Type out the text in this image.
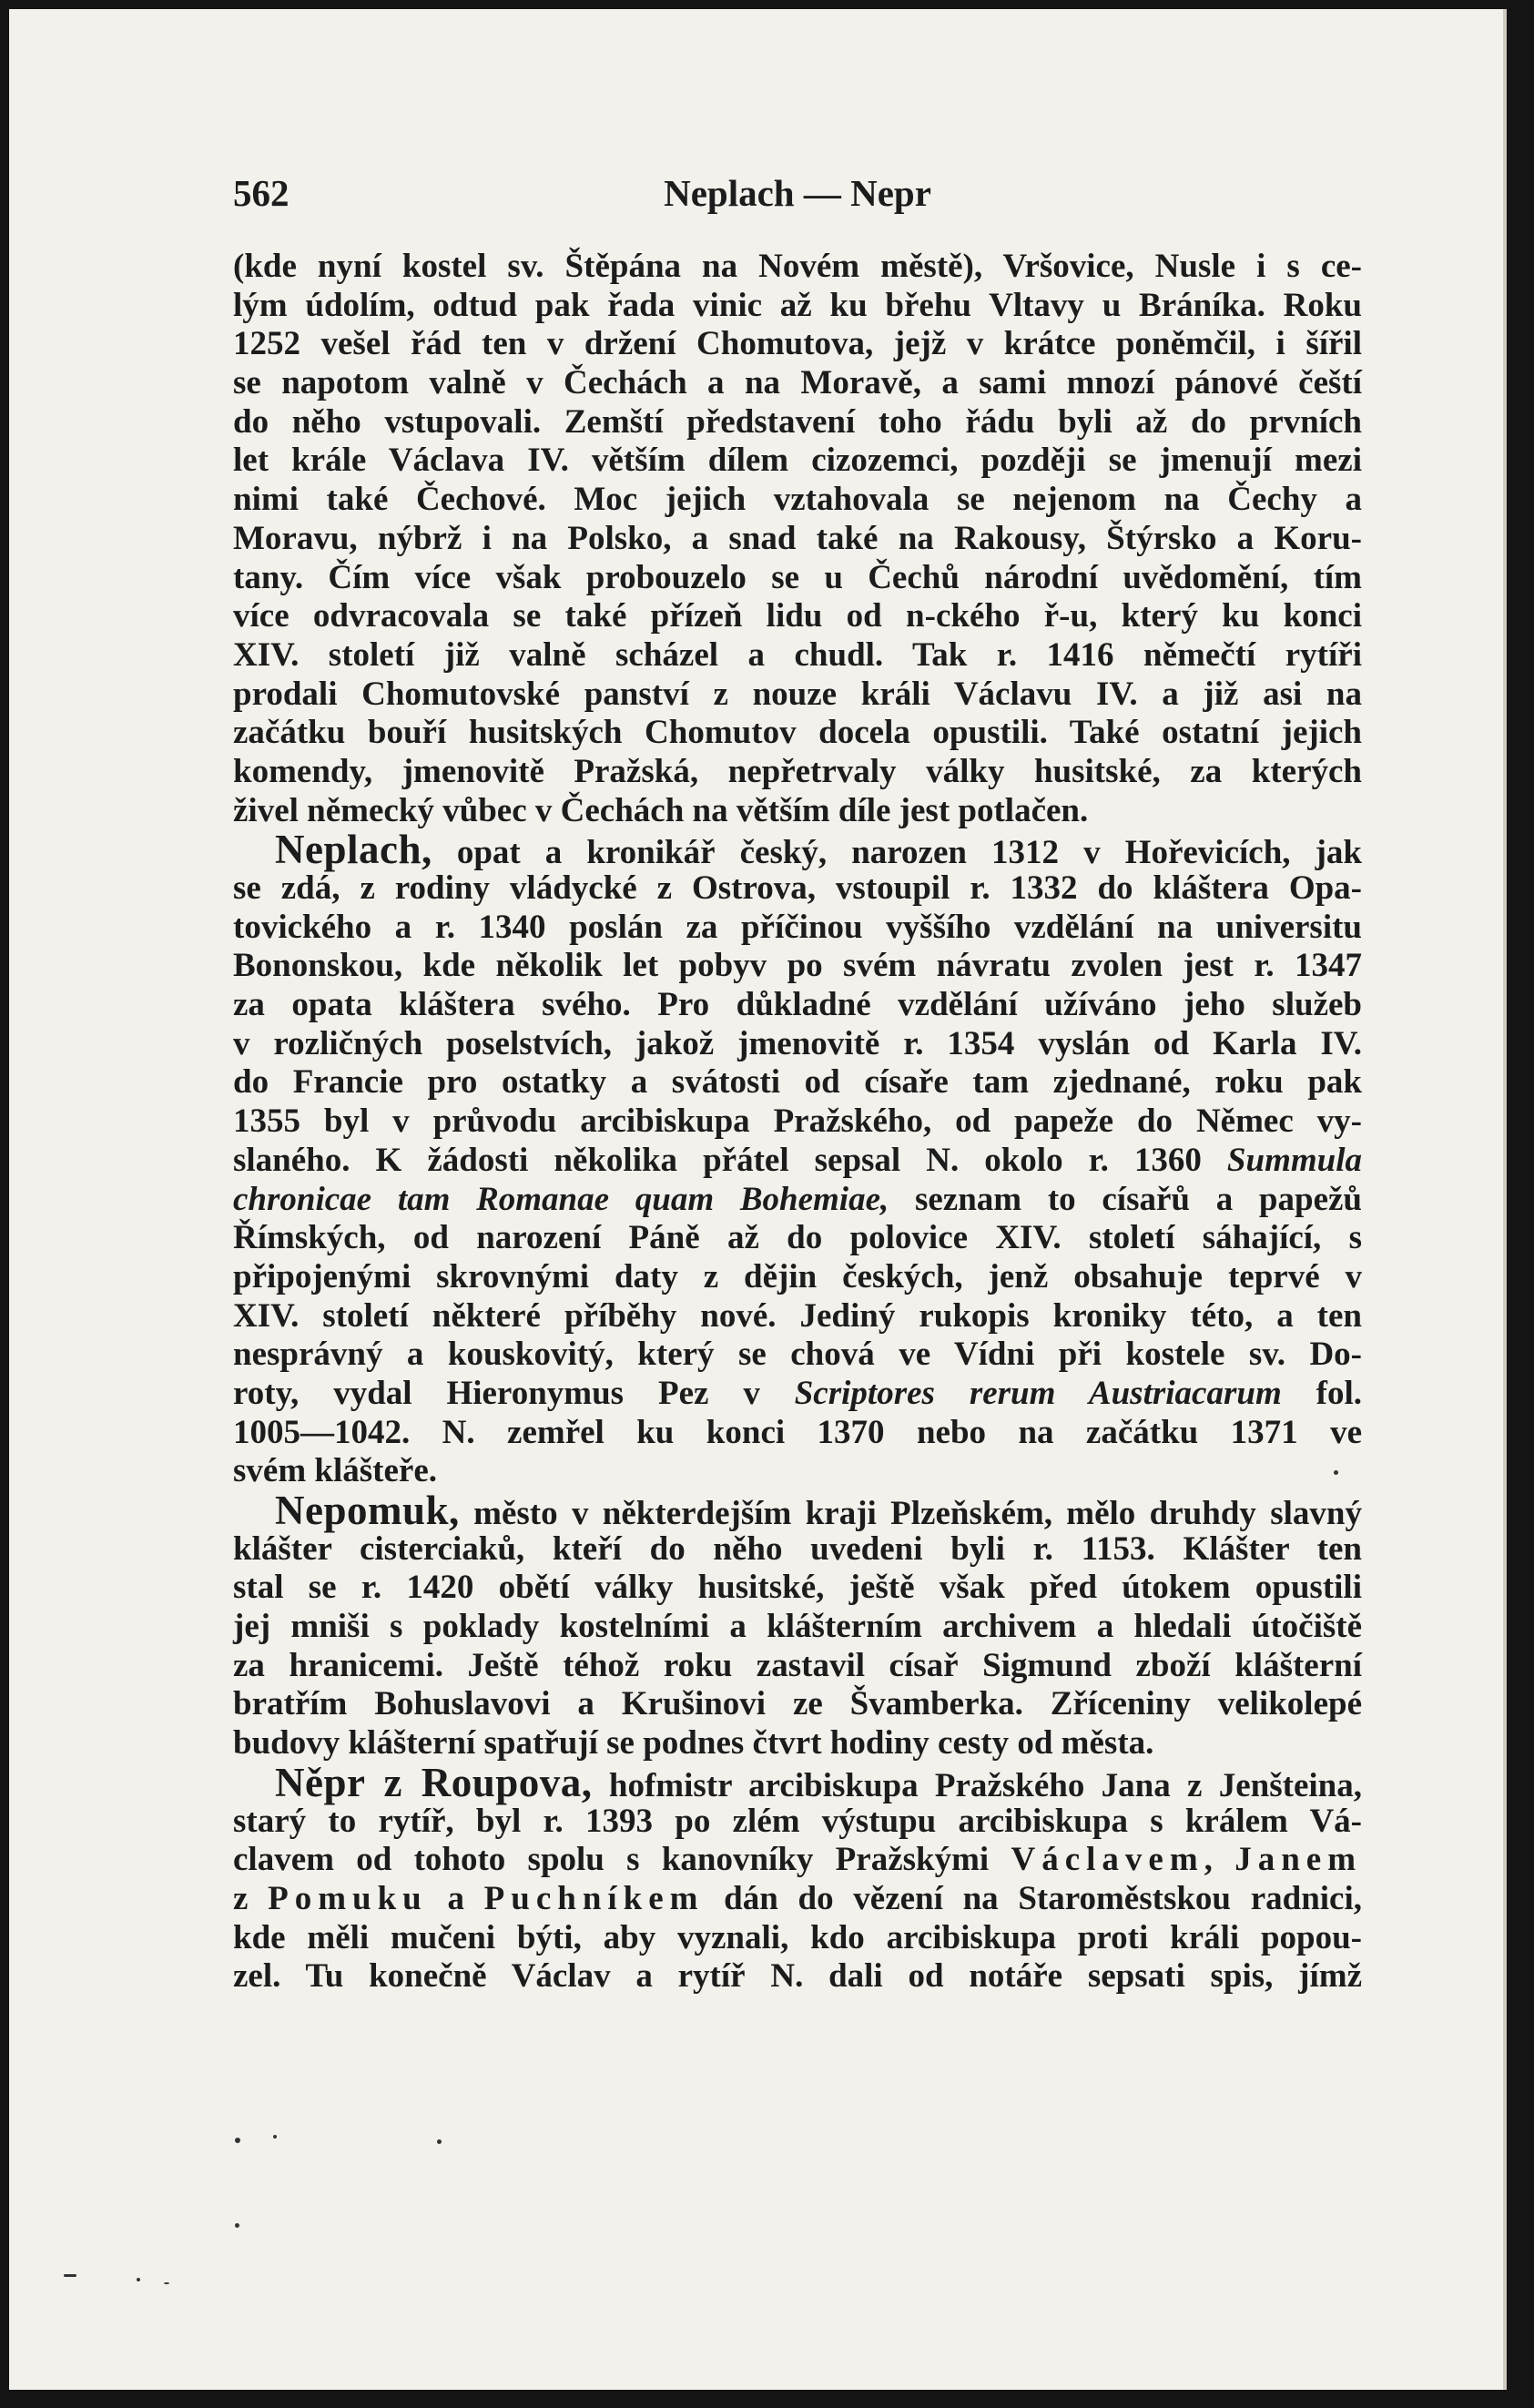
562	Neplach — Nepr
(kde nyní kostel sv. Štěpána na Novém městě), Vršovice, Nusle i s ce-
lým údolím, odtud pak řada vinic až ku břehu Vltavy u Bráníka. Roku
1252 vešel řád ten v držení Chomutova, jejž v krátce poněmčil, i šířil
se napotom valně v Čechách a na Moravě, a sami mnozí pánové čeští
do něho vstupovali. Zemští představení toho řádu byli až do prvních
let krále Václava IV. větším dílem cizozemci, později se jmenují mezi
nimi také Čechové. Moc jejich vztahovala se nejenom na Čechy a
Moravu, nýbrž i na Polsko, a snad také na Rakousy, Štýrsko a Koru-
tany. Čím více však probouzelo se u Čechů národní uvědomění, tím
více odvracovala se také přízeň lidu od n-ckého ř-u, který ku konci
XIV. století již valně scházel a chudl. Tak r. 1416 němečtí rytíři
prodali Chomutovské panství z nouze králi Václavu IV. a již asi na
začátku bouří husitských Chomutov docela opustili. Také ostatní jejich
komendy, jmenovitě Pražská, nepřetrvaly války husitské, za kterých
živel německý vůbec v Čechách na větším díle jest potlačen.
Neplach, opat a kronikář český, narozen 1312 v Hořevicích, jak
se zdá, z rodiny vládycké z Ostrova, vstoupil r. 1332 do kláštera Opa-
tovického a r. 1340 poslán za příčinou vyššího vzdělání na universitu
Bononskou, kde několik let pobyv po svém návratu zvolen jest r. 1347
za opata kláštera svého. Pro důkladné vzdělání užíváno jeho služeb
v rozličných poselstvích, jakož jmenovitě r. 1354 vyslán od Karla IV.
do Francie pro ostatky a svátosti od císaře tam zjednané, roku pak
1355 byl v průvodu arcibiskupa Pražského, od papeže do Němec vy-
slaného. K žádosti několika přátel sepsal N. okolo r. 1360 Summula
chronicae tam Romanae quam Bohemiae, seznam to císařů a papežů
Římských, od narození Páně až do polovice XIV. století sáhající, s
připojenými skrovnými daty z dějin českých, jenž obsahuje teprvé v
XIV. století některé příběhy nové. Jediný rukopis kroniky této, a ten
nesprávný a kouskovitý, který se chová ve Vídni při kostele sv. Do-
roty, vydal Hieronymus Pez v Scriptores rerum Austriacarum fol.
1005—1042. N. zemřel ku konci 1370 nebo na začátku 1371 ve
svém klášteře.
Nepomuk, město v některdejším kraji Plzeňském, mělo druhdy slavný
klášter cisterciaků, kteří do něho uvedeni byli r. 1153. Klášter ten
stal se r. 1420 obětí války husitské, ještě však před útokem opustili
jej mniši s poklady kostelními a klášterním archivem a hledali útočiště
za hranicemi. Ještě téhož roku zastavil císař Sigmund zboží klášterní
bratřím Bohuslavovi a Krušinovi ze Švamberka. Zříceniny velikolepé
budovy klášterní spatřují se podnes čtvrt hodiny cesty od města.
Něpr z Roupova, hofmistr arcibiskupa Pražského Jana z Jenšteina,
starý to rytíř, byl r. 1393 po zlém výstupu arcibiskupa s králem Vá-
clavem od tohoto spolu s kanovníky Pražskými Václavem, Janem
z Pomuku a Puchníkem dán do vězení na Staroměstskou radnici,
kde měli mučeni býti, aby vyznali, kdo arcibiskupa proti králi popou-
zel. Tu konečně Václav a rytíř N. dali od notáře sepsati spis, jímž
